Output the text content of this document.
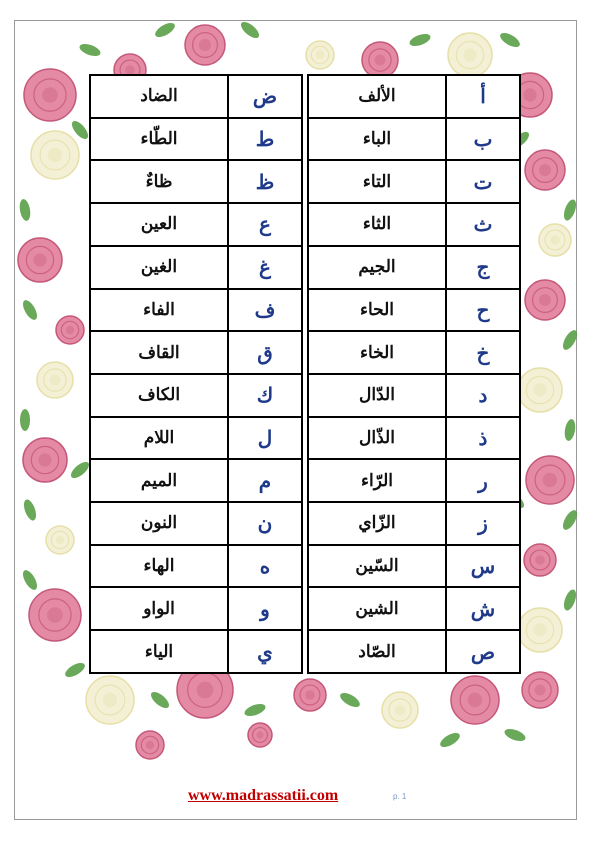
أ	الألف		ض	الضاد
ب	الباء		ط	الطّاء
ت	التاء		ظ	ظاءٌ
ث	الثاء		ع	العين
ج	الجيم		غ	الغين
ح	الحاء		ف	الفاء
خ	الخاء		ق	القاف
د	الدّال		ك	الكاف
ذ	الذّال		ل	اللام
ر	الرّاء		م	الميم
ز	الزّاي		ن	النون
س	السّين		ه	الهاء
ش	الشين		و	الواو
ص	الصّاد		ي	الياء
www.madrassatii.com	p. 1
